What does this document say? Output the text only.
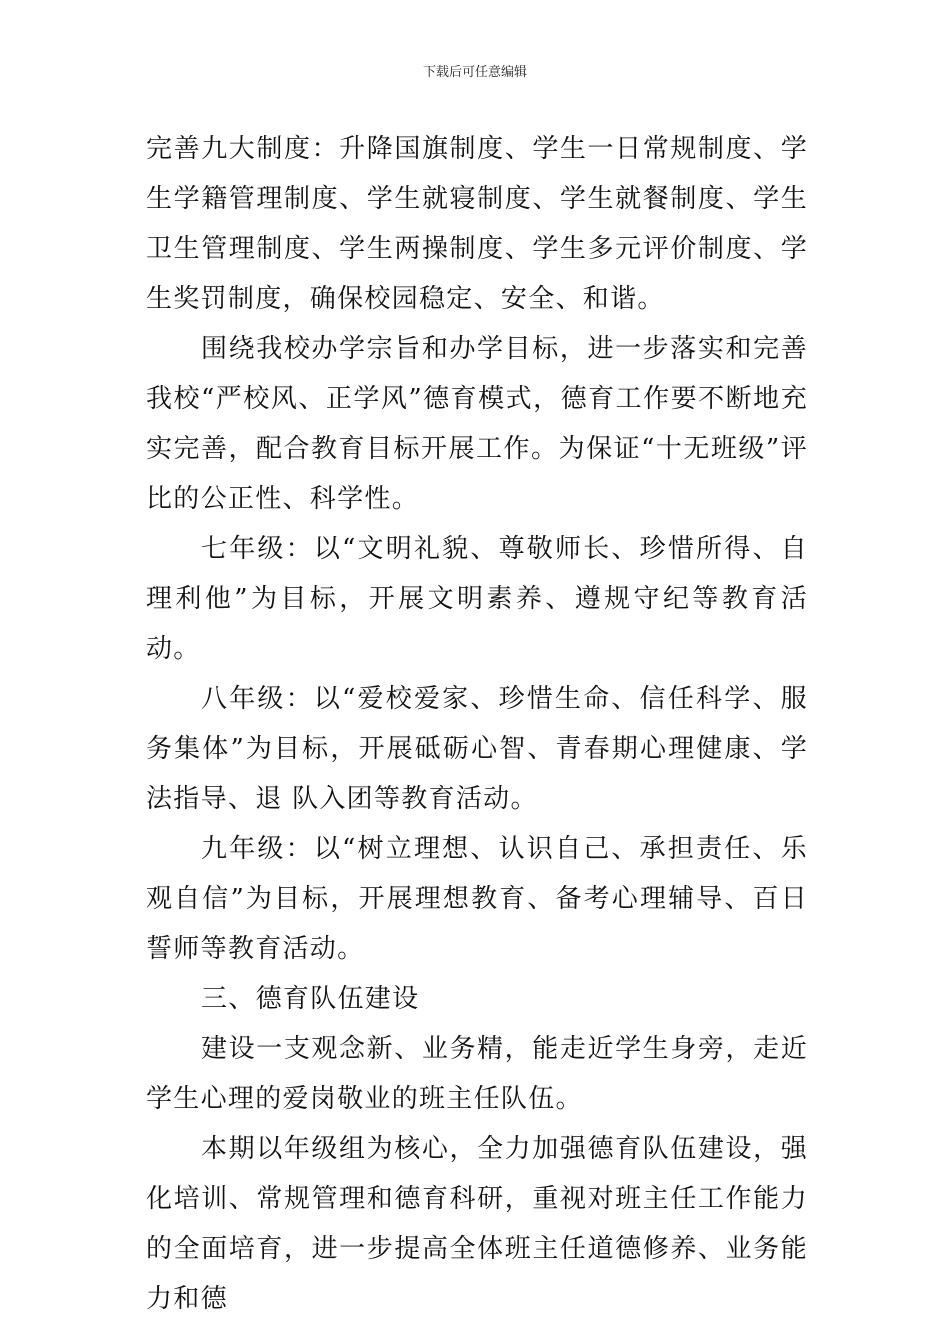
下载后可任意编辑

完善九大制度：升降国旗制度、学生一日常规制度、学生学籍管理制度、学生就寝制度、学生就餐制度、学生卫生管理制度、学生两操制度、学生多元评价制度、学生奖罚制度，确保校园稳定、安全、和谐。

围绕我校办学宗旨和办学目标，进一步落实和完善我校“严校风、正学风”德育模式，德育工作要不断地充实完善，配合教育目标开展工作。为保证“十无班级”评比的公正性、科学性。

七年级：以“文明礼貌、尊敬师长、珍惜所得、自理利他”为目标，开展文明素养、遵规守纪等教育活动。

八年级：以“爱校爱家、珍惜生命、信任科学、服务集体”为目标，开展砥砺心智、青春期心理健康、学法指导、退 队入团等教育活动。

九年级：以“树立理想、认识自己、承担责任、乐观自信”为目标，开展理想教育、备考心理辅导、百日誓师等教育活动。

三、德育队伍建设

建设一支观念新、业务精，能走近学生身旁，走近学生心理的爱岗敬业的班主任队伍。

本期以年级组为核心，全力加强德育队伍建设，强化培训、常规管理和德育科研，重视对班主任工作能力的全面培育，进一步提高全体班主任道德修养、业务能力和德
